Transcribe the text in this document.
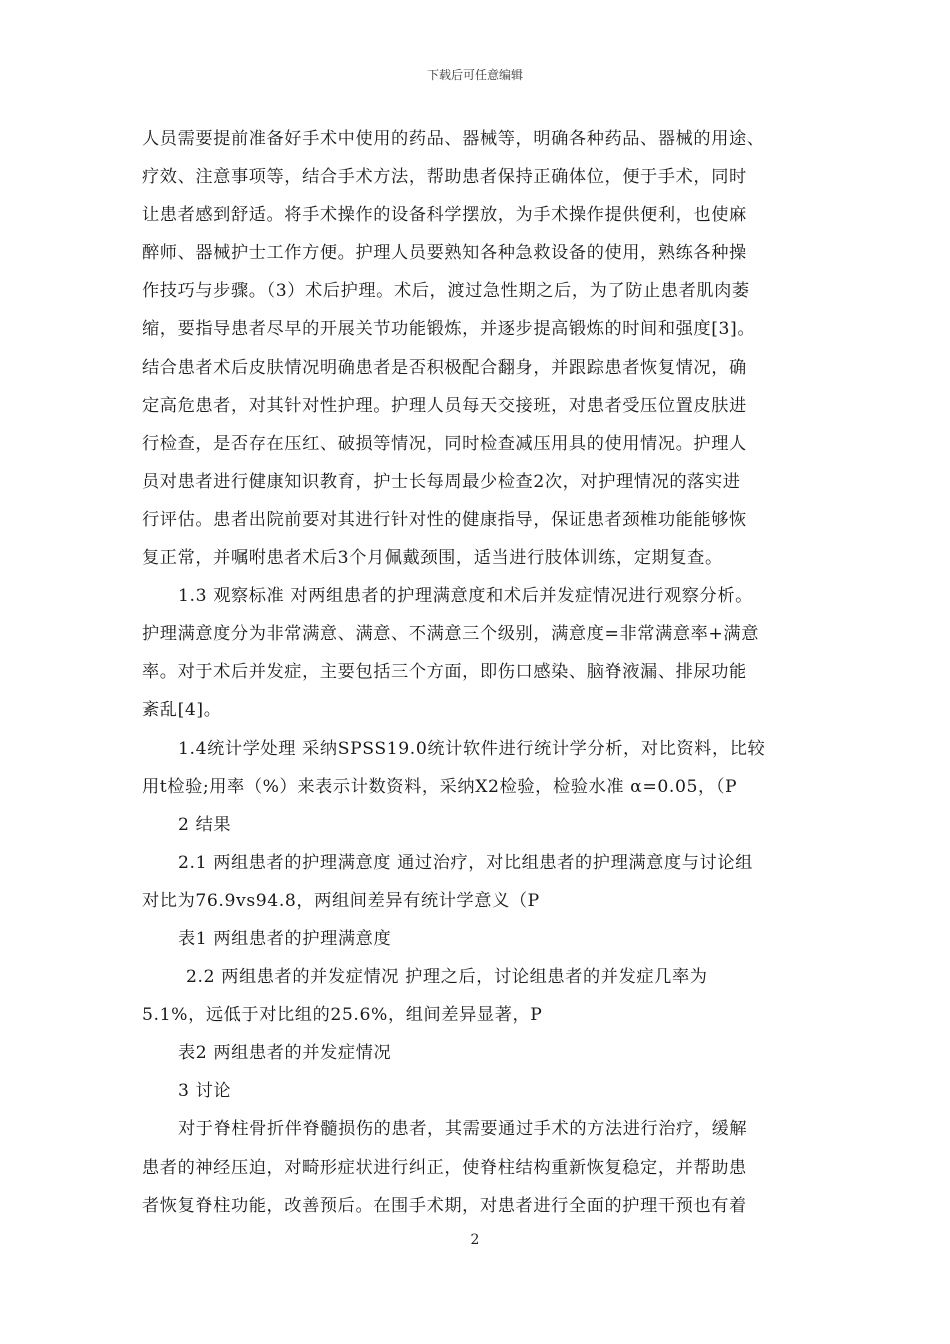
下载后可任意编辑
人员需要提前准备好手术中使用的药品、器械等，明确各种药品、器械的用途、
疗效、注意事项等，结合手术方法，帮助患者保持正确体位，便于手术，同时
让患者感到舒适。将手术操作的设备科学摆放，为手术操作提供便利，也使麻
醉师、器械护士工作方便。护理人员要熟知各种急救设备的使用，熟练各种操
作技巧与步骤。（3）术后护理。术后，渡过急性期之后，为了防止患者肌肉萎
缩，要指导患者尽早的开展关节功能锻炼，并逐步提高锻炼的时间和强度[3]。
结合患者术后皮肤情况明确患者是否积极配合翻身，并跟踪患者恢复情况，确
定高危患者，对其针对性护理。护理人员每天交接班，对患者受压位置皮肤进
行检查，是否存在压红、破损等情况，同时检查减压用具的使用情况。护理人
员对患者进行健康知识教育，护士长每周最少检查2次，对护理情况的落实进
行评估。患者出院前要对其进行针对性的健康指导，保证患者颈椎功能能够恢
复正常，并嘱咐患者术后3个月佩戴颈围，适当进行肢体训练，定期复查。
1.3 观察标准 对两组患者的护理满意度和术后并发症情况进行观察分析。
护理满意度分为非常满意、满意、不满意三个级别，满意度=非常满意率+满意
率。对于术后并发症，主要包括三个方面，即伤口感染、脑脊液漏、排尿功能
紊乱[4]。
1.4统计学处理 采纳SPSS19.0统计软件进行统计学分析，对比资料，比较
用t检验;用率（%）来表示计数资料，采纳X2检验，检验水准 α=0.05，（P
2 结果
2.1 两组患者的护理满意度 通过治疗，对比组患者的护理满意度与讨论组
对比为76.9vs94.8，两组间差异有统计学意义（P
表1 两组患者的护理满意度
2.2 两组患者的并发症情况 护理之后，讨论组患者的并发症几率为
5.1%，远低于对比组的25.6%，组间差异显著，P
表2 两组患者的并发症情况
3 讨论
对于脊柱骨折伴脊髓损伤的患者，其需要通过手术的方法进行治疗，缓解
患者的神经压迫，对畸形症状进行纠正，使脊柱结构重新恢复稳定，并帮助患
者恢复脊柱功能，改善预后。在围手术期，对患者进行全面的护理干预也有着
2
